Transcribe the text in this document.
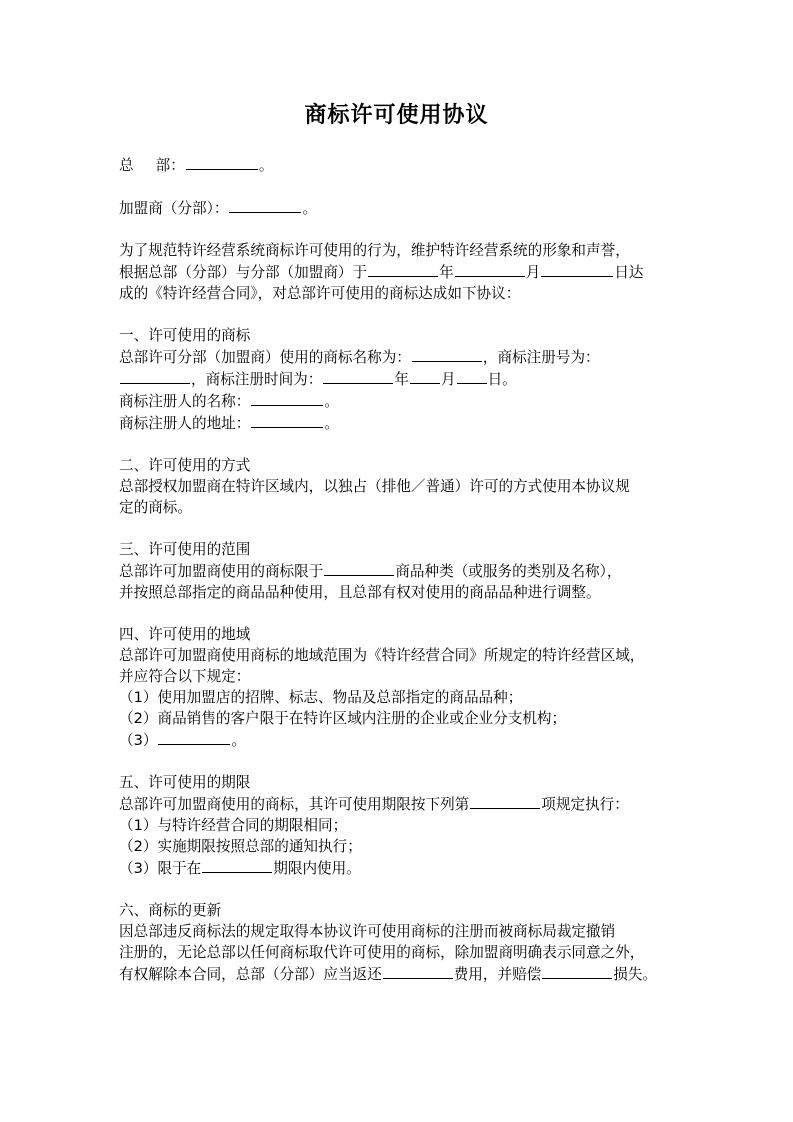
商标许可使用协议

总 部：	。

加盟商（分部）：	。

为了规范特许经营系统商标许可使用的行为，维护特许经营系统的形象和声誉，

根据总部（分部）与分部（加盟商）于	年	月	日达

成的《特许经营合同》，对总部许可使用的商标达成如下协议：

一、许可使用的商标

总部许可分部（加盟商）使用的商标名称为：	，商标注册号为：

，商标注册时间为：	年 月 日。

商标注册人的名称：	。

商标注册人的地址：	。

二、许可使用的方式

总部授权加盟商在特许区域内，以独占（排他／普通）许可的方式使用本协议规

定的商标。

三、许可使用的范围

总部许可加盟商使用的商标限于	商品种类（或服务的类别及名称），

并按照总部指定的商品品种使用，且总部有权对使用的商品品种进行调整。

四、许可使用的地域

总部许可加盟商使用商标的地域范围为《特许经营合同》所规定的特许经营区域，

并应符合以下规定：

（1）使用加盟店的招牌、标志、物品及总部指定的商品品种；

（2）商品销售的客户限于在特许区域内注册的企业或企业分支机构；

（3）	。

五、许可使用的期限

总部许可加盟商使用的商标，其许可使用期限按下列第	项规定执行：

（1）与特许经营合同的期限相同；

（2）实施期限按照总部的通知执行；

（3）限于在	期限内使用。

六、商标的更新

因总部违反商标法的规定取得本协议许可使用商标的注册而被商标局裁定撤销

注册的，无论总部以任何商标取代许可使用的商标，除加盟商明确表示同意之外，

有权解除本合同，总部（分部）应当返还	费用，并赔偿	损失。
